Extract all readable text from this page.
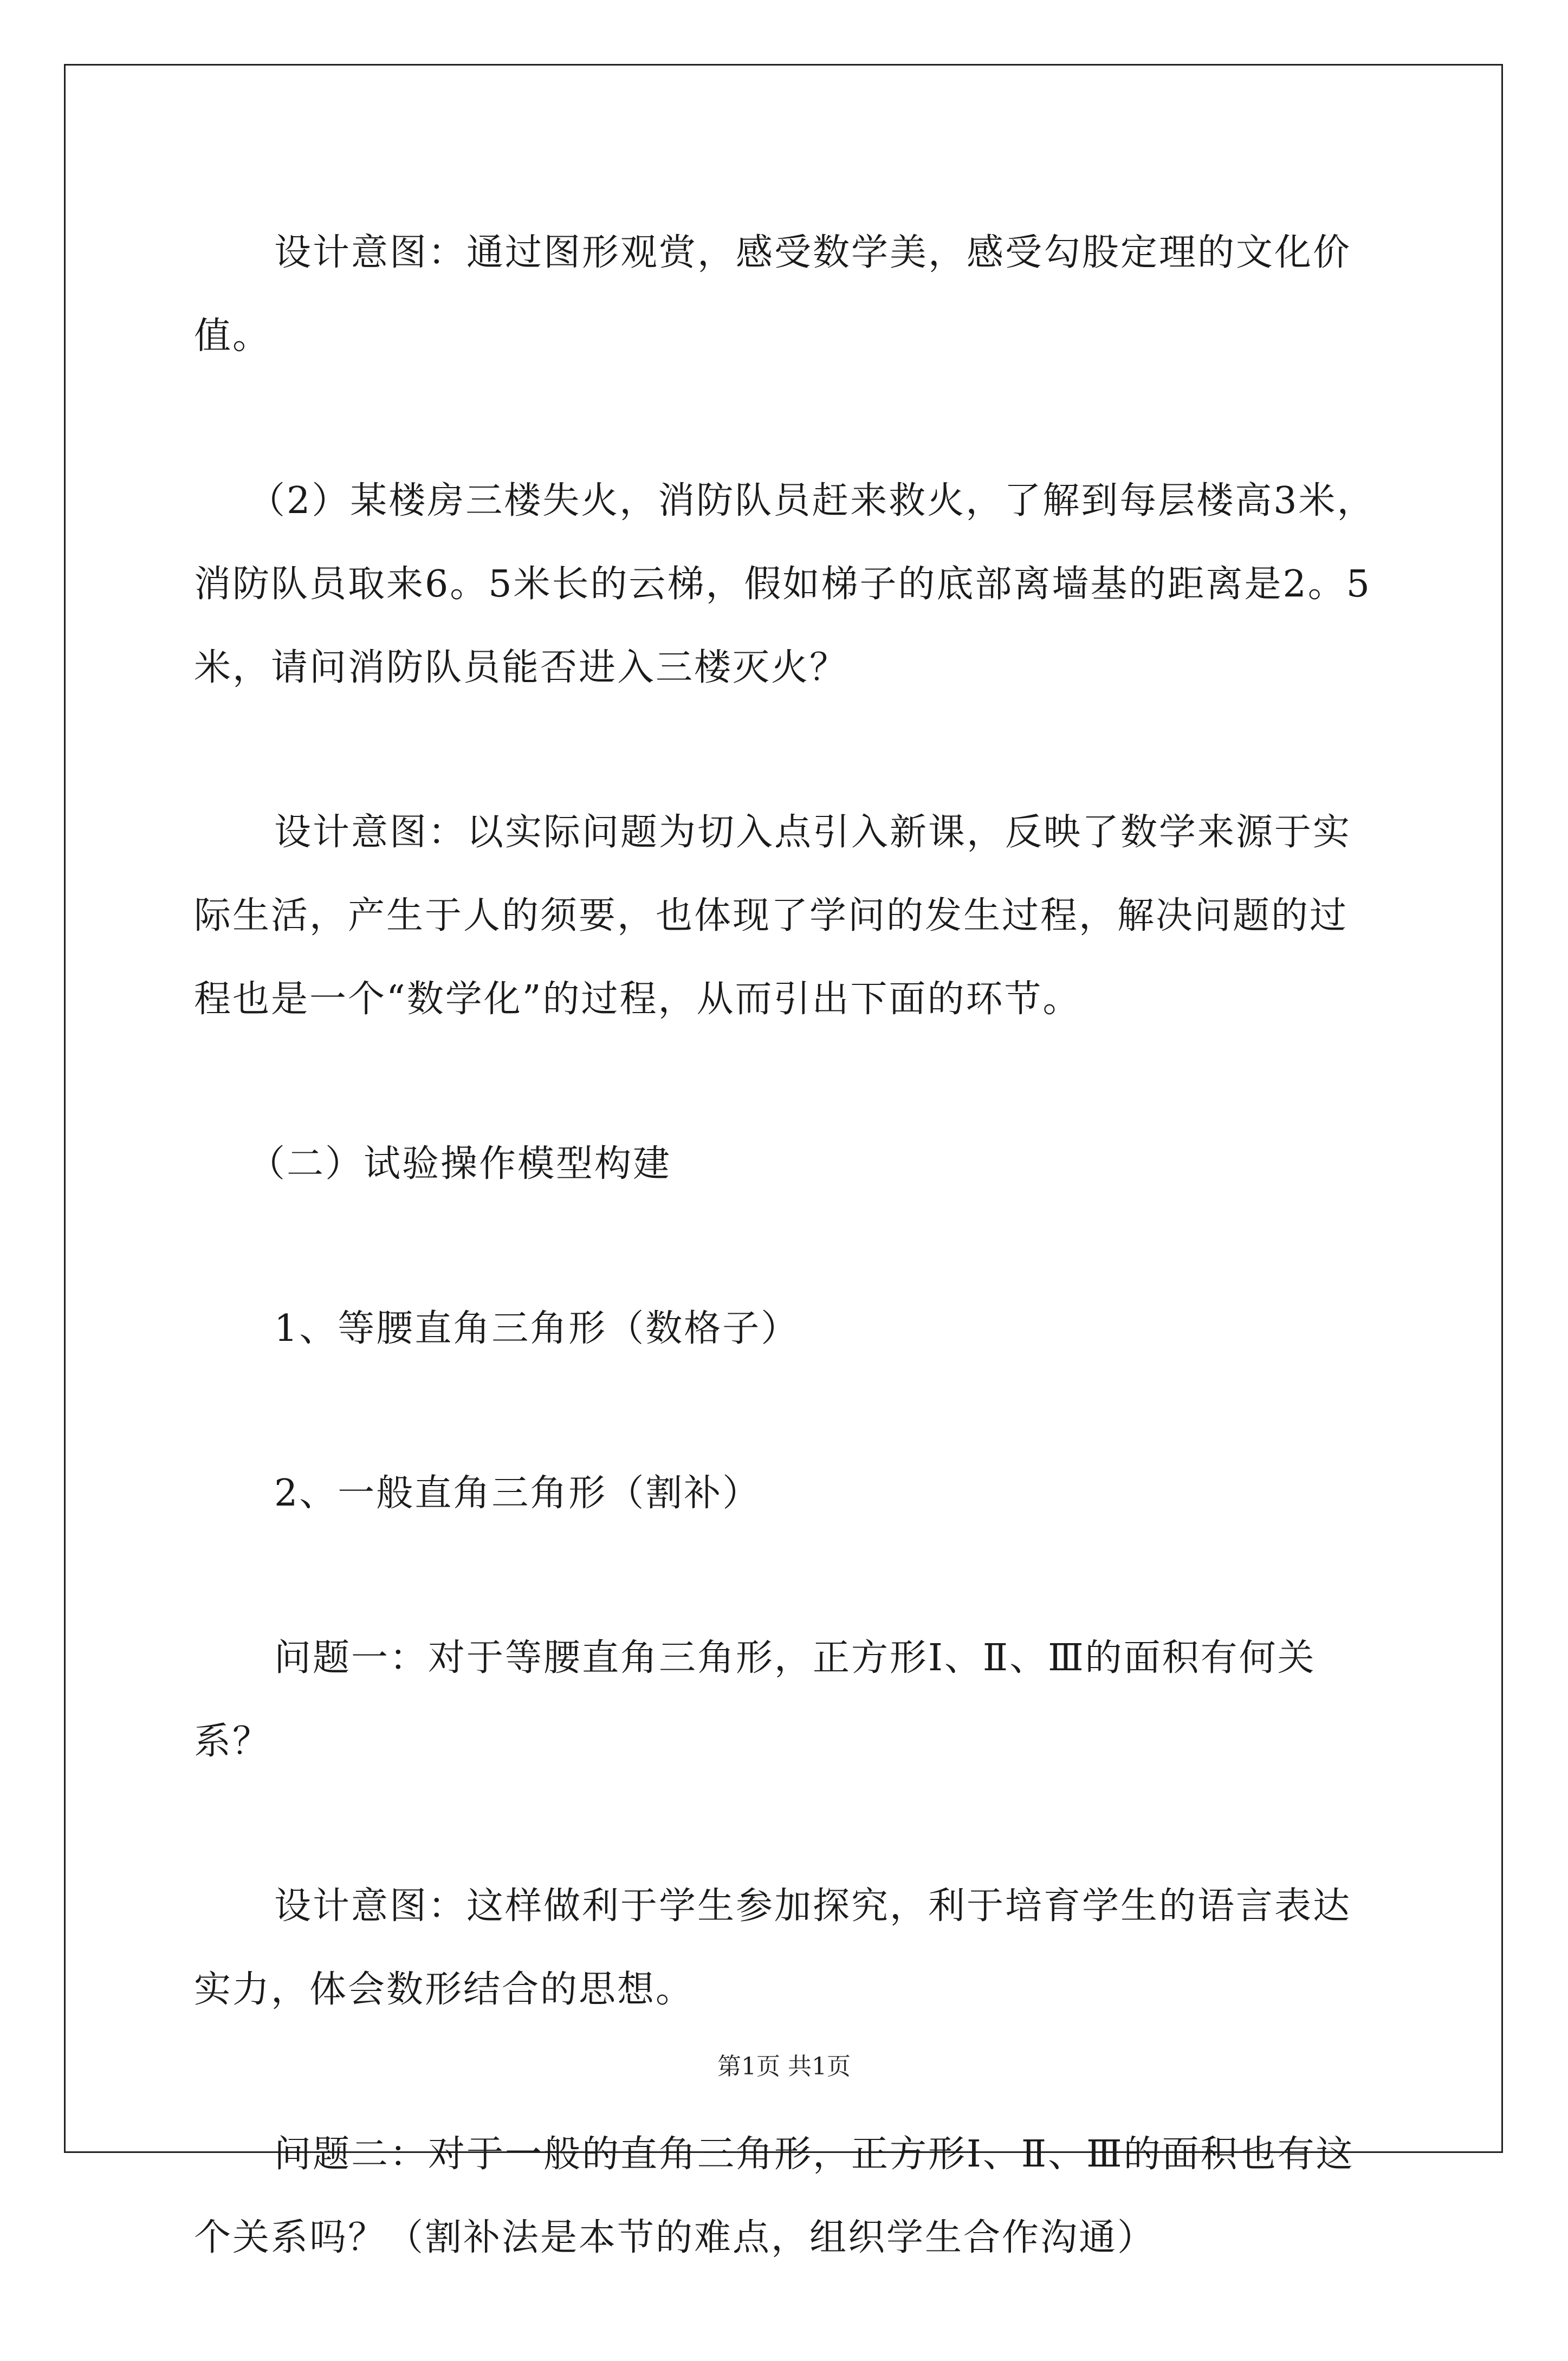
设计意图：通过图形观赏，感受数学美，感受勾股定理的文化价值。

（2）某楼房三楼失火，消防队员赶来救火，了解到每层楼高3米，消防队员取来6。5米长的云梯，假如梯子的底部离墙基的距离是2。5米，请问消防队员能否进入三楼灭火？

设计意图：以实际问题为切入点引入新课，反映了数学来源于实际生活，产生于人的须要，也体现了学问的发生过程，解决问题的过程也是一个“数学化”的过程，从而引出下面的环节。

（二）试验操作模型构建

1、等腰直角三角形（数格子）

2、一般直角三角形（割补）

问题一：对于等腰直角三角形，正方形Ⅰ、Ⅱ、Ⅲ的面积有何关系？

设计意图：这样做利于学生参加探究，利于培育学生的语言表达实力，体会数形结合的思想。

问题二：对于一般的直角三角形，正方形Ⅰ、Ⅱ、Ⅲ的面积也有这个关系吗？（割补法是本节的难点，组织学生合作沟通）

第1页 共1页
